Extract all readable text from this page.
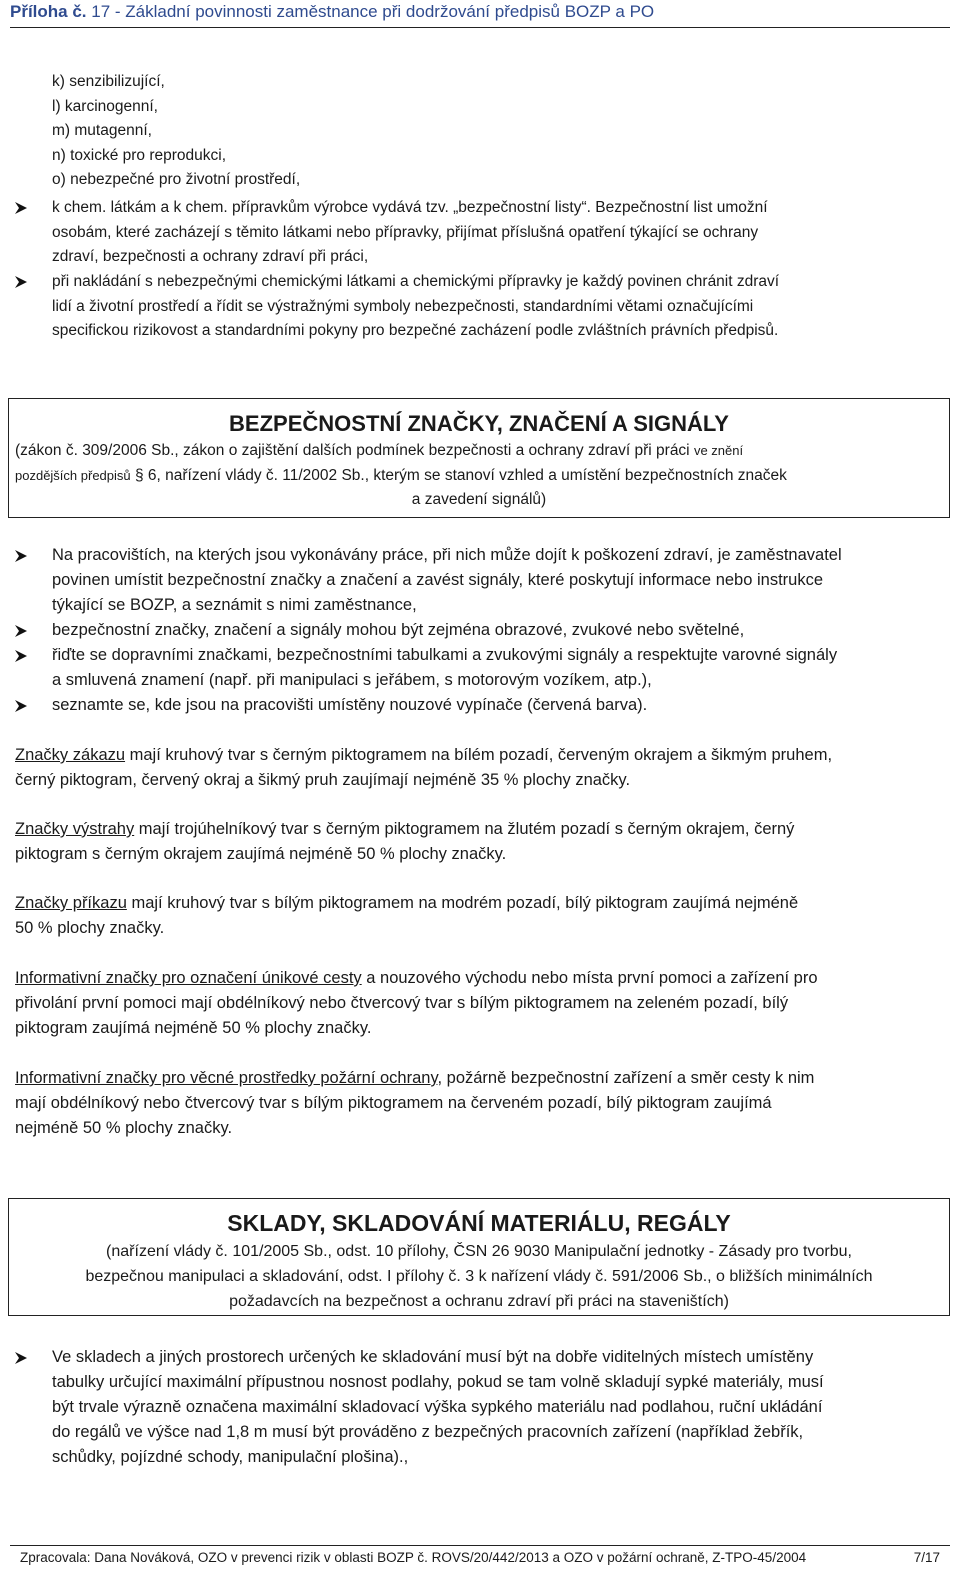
Příloha č. 17 - Základní povinnosti zaměstnance při dodržování předpisů BOZP a PO
k) senzibilizující,
l) karcinogenní,
m) mutagenní,
n) toxické pro reprodukci,
o) nebezpečné pro životní prostředí,
k chem. látkám a k chem. přípravkům výrobce vydává tzv. „bezpečnostní listy“. Bezpečnostní list umožní
osobám, které zacházejí s těmito látkami nebo přípravky, přijímat příslušná opatření týkající se ochrany
zdraví, bezpečnosti a ochrany zdraví při práci,
při nakládání s nebezpečnými chemickými látkami a chemickými přípravky je každý povinen chránit zdraví
lidí a životní prostředí a řídit se výstražnými symboly nebezpečnosti, standardními větami označujícími
specifickou rizikovost a standardními pokyny pro bezpečné zacházení podle zvláštních právních předpisů.
BEZPEČNOSTNÍ ZNAČKY, ZNAČENÍ A SIGNÁLY
(zákon č. 309/2006 Sb., zákon o zajištění dalších podmínek bezpečnosti a ochrany zdraví při práci ve znění
pozdějších předpisů § 6, nařízení vlády č. 11/2002 Sb., kterým se stanoví vzhled a umístění bezpečnostních značek
a zavedení signálů)
Na pracovištích, na kterých jsou vykonávány práce, při nich může dojít k poškození zdraví, je zaměstnavatel
povinen umístit bezpečnostní značky a značení a zavést signály, které poskytují informace nebo instrukce
týkající se BOZP, a seznámit s nimi zaměstnance,
bezpečnostní značky, značení a signály mohou být zejména obrazové, zvukové nebo světelné,
řiďte se dopravními značkami, bezpečnostními tabulkami a zvukovými signály a respektujte varovné signály
a smluvená znamení (např. při manipulaci s jeřábem, s motorovým vozíkem, atp.),
seznamte se, kde jsou na pracovišti umístěny nouzové vypínače (červená barva).
Značky zákazu mají kruhový tvar s černým piktogramem na bílém pozadí, červeným okrajem a šikmým pruhem,
černý piktogram, červený okraj a šikmý pruh zaujímají nejméně 35 % plochy značky.
Značky výstrahy mají trojúhelníkový tvar s černým piktogramem na žlutém pozadí s černým okrajem, černý
piktogram s černým okrajem zaujímá nejméně 50 % plochy značky.
Značky příkazu mají kruhový tvar s bílým piktogramem na modrém pozadí, bílý piktogram zaujímá nejméně
50 % plochy značky.
Informativní značky pro označení únikové cesty a nouzového východu nebo místa první pomoci a zařízení pro
přivolání první pomoci mají obdélníkový nebo čtvercový tvar s bílým piktogramem na zeleném pozadí, bílý
piktogram zaujímá nejméně 50 % plochy značky.
Informativní značky pro věcné prostředky požární ochrany, požárně bezpečnostní zařízení a směr cesty k nim
mají obdélníkový nebo čtvercový tvar s bílým piktogramem na červeném pozadí, bílý piktogram zaujímá
nejméně 50 % plochy značky.
SKLADY, SKLADOVÁNÍ MATERIÁLU, REGÁLY
(nařízení vlády č. 101/2005 Sb., odst. 10 přílohy, ČSN 26 9030 Manipulační jednotky - Zásady pro tvorbu,
bezpečnou manipulaci a skladování, odst. I přílohy č. 3 k nařízení vlády č. 591/2006 Sb., o bližších minimálních
požadavcích na bezpečnost a ochranu zdraví při práci na staveništích)
Ve skladech a jiných prostorech určených ke skladování musí být na dobře viditelných místech umístěny
tabulky určující maximální přípustnou nosnost podlahy, pokud se tam volně skladují sypké materiály, musí
být trvale výrazně označena maximální skladovací výška sypkého materiálu nad podlahou, ruční ukládání
do regálů ve výšce nad 1,8 m musí být prováděno z bezpečných pracovních zařízení (například žebřík,
schůdky, pojízdné schody, manipulační plošina).,
Zpracovala: Dana Nováková, OZO v prevenci rizik v oblasti BOZP č. ROVS/20/442/2013 a OZO v požární ochraně, Z-TPO-45/2004	7/17
